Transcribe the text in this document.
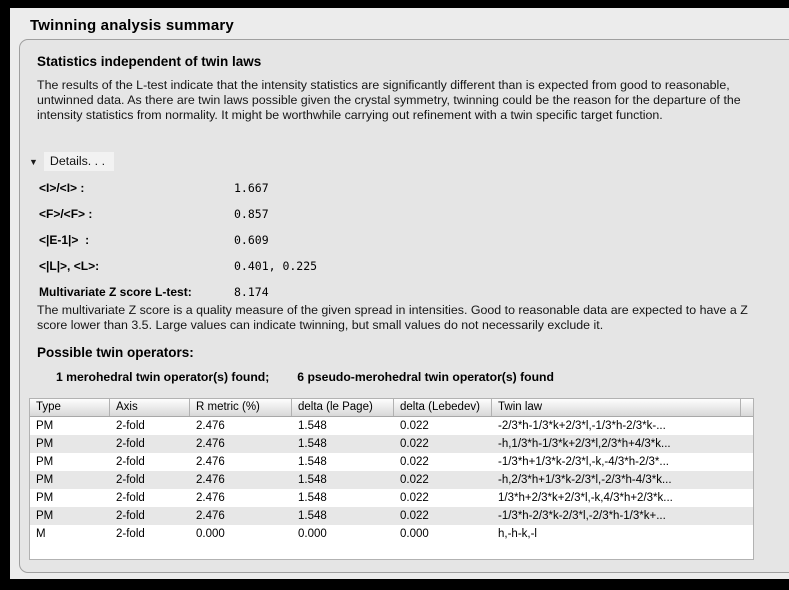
Twinning analysis summary
Statistics independent of twin laws
The results of the L-test indicate that the intensity statistics are significantly different than is expected from good to reasonable, untwinned data. As there are twin laws possible given the crystal symmetry, twinning could be the reason for the departure of the intensity statistics from normality. It might be worthwhile carrying out refinement with a twin specific target function.
▼ Details. . .
<I>/<I> :	1.667
<F>/<F> :	0.857
<|E-1|>  :	0.609
<|L|>, <L>:	0.401, 0.225
Multivariate Z score L-test:	8.174
The multivariate Z score is a quality measure of the given spread in intensities. Good to reasonable data are expected to have a Z score lower than 3.5. Large values can indicate twinning, but small values do not necessarily exclude it.
Possible twin operators:
1 merohedral twin operator(s) found; 6 pseudo-merohedral twin operator(s) found
Type	Axis	R metric (%)	delta (le Page)	delta (Lebedev)	Twin law
PM	2-fold	2.476	1.548	0.022	-2/3*h-1/3*k+2/3*l,-1/3*h-2/3*k-...
PM	2-fold	2.476	1.548	0.022	-h,1/3*h-1/3*k+2/3*l,2/3*h+4/3*k...
PM	2-fold	2.476	1.548	0.022	-1/3*h+1/3*k-2/3*l,-k,-4/3*h-2/3*...
PM	2-fold	2.476	1.548	0.022	-h,2/3*h+1/3*k-2/3*l,-2/3*h-4/3*k...
PM	2-fold	2.476	1.548	0.022	1/3*h+2/3*k+2/3*l,-k,4/3*h+2/3*k...
PM	2-fold	2.476	1.548	0.022	-1/3*h-2/3*k-2/3*l,-2/3*h-1/3*k+...
M	2-fold	0.000	0.000	0.000	h,-h-k,-l
